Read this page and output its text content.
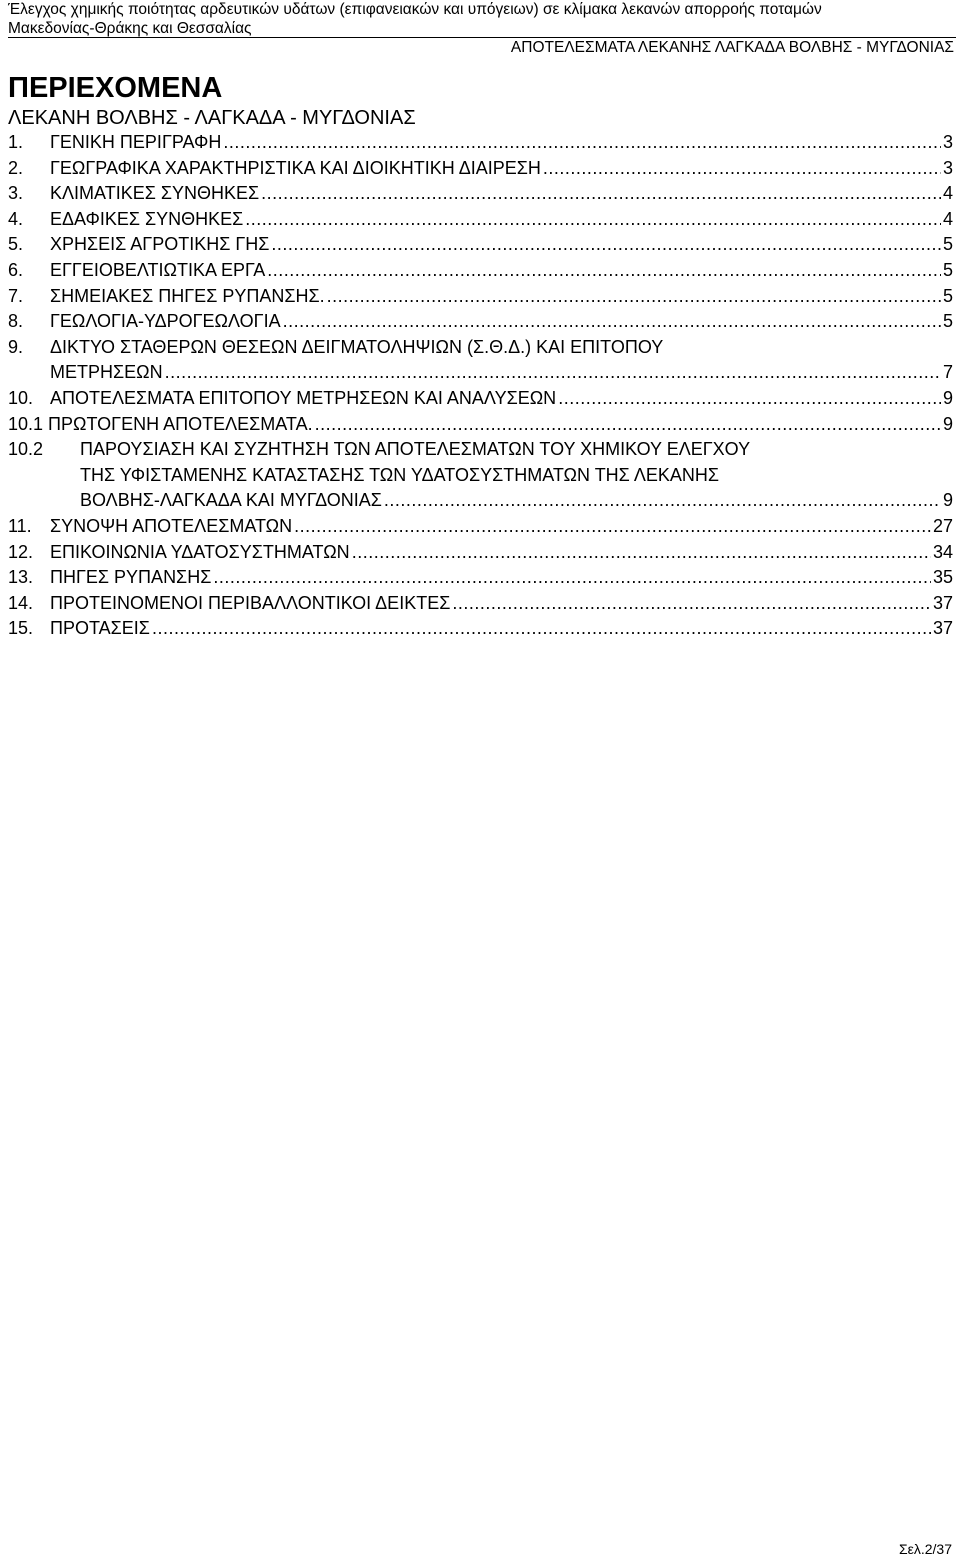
Έλεγχος χημικής ποιότητας αρδευτικών υδάτων (επιφανειακών και υπόγειων) σε κλίμακα λεκανών απορροής ποταμών
Μακεδονίας-Θράκης και Θεσσαλίας
ΑΠΟΤΕΛΕΣΜΑΤΑ ΛΕΚΑΝΗΣ ΛΑΓΚΑΔΑ ΒΟΛΒΗΣ - ΜΥΓΔΟΝΙΑΣ
ΠΕΡΙΕΧΟΜΕΝΑ
ΛΕΚΑΝΗ ΒΟΛΒΗΣ - ΛΑΓΚΑΔΑ - ΜΥΓΔΟΝΙΑΣ
1.	ΓΕΝΙΚΗ ΠΕΡΙΓΡΑΦΗ .....	3
2.	ΓΕΩΓΡΑΦΙΚΑ ΧΑΡΑΚΤΗΡΙΣΤΙΚΑ ΚΑΙ ΔΙΟΙΚΗΤΙΚΗ ΔΙΑΙΡΕΣΗ .....	3
3.	ΚΛΙΜΑΤΙΚΕΣ ΣΥΝΘΗΚΕΣ .....	4
4.	ΕΔΑΦΙΚΕΣ ΣΥΝΘΗΚΕΣ .....	4
5.	ΧΡΗΣΕΙΣ ΑΓΡΟΤΙΚΗΣ ΓΗΣ .....	5
6.	ΕΓΓΕΙΟΒΕΛΤΙΩΤΙΚΑ ΕΡΓΑ .....	5
7.	ΣΗΜΕΙΑΚΕΣ ΠΗΓΕΣ ΡΥΠΑΝΣΗΣ. .....	5
8.	ΓΕΩΛΟΓΙΑ-ΥΔΡΟΓΕΩΛΟΓΙΑ .....	5
9.	ΔΙΚΤΥΟ ΣΤΑΘΕΡΩΝ ΘΕΣΕΩΝ ΔΕΙΓΜΑΤΟΛΗΨΙΩΝ (Σ.Θ.Δ.) ΚΑΙ ΕΠΙΤΟΠΟΥ
ΜΕΤΡΗΣΕΩΝ .....	7
10. ΑΠΟΤΕΛΕΣΜΑΤΑ ΕΠΙΤΟΠΟΥ ΜΕΤΡΗΣΕΩΝ ΚΑΙ ΑΝΑΛΥΣΕΩΝ .....	9
10.1 ΠΡΩΤΟΓΕΝΗ ΑΠΟΤΕΛΕΣΜΑΤΑ. .....	9
10.2	ΠΑΡΟΥΣΙΑΣΗ ΚΑΙ ΣΥΖΗΤΗΣΗ ΤΩΝ ΑΠΟΤΕΛΕΣΜΑΤΩΝ ΤΟΥ ΧΗΜΙΚΟΥ ΕΛΕΓΧΟΥ
ΤΗΣ ΥΦΙΣΤΑΜΕΝΗΣ ΚΑΤΑΣΤΑΣΗΣ ΤΩΝ ΥΔΑΤΟΣΥΣΤΗΜΑΤΩΝ ΤΗΣ ΛΕΚΑΝΗΣ
ΒΟΛΒΗΣ-ΛΑΓΚΑΔΑ ΚΑΙ ΜΥΓΔΟΝΙΑΣ .....	9
11.	ΣΥΝΟΨΗ ΑΠΟΤΕΛΕΣΜΑΤΩΝ .....	27
12. ΕΠΙΚΟΙΝΩΝΙΑ ΥΔΑΤΟΣΥΣΤΗΜΑΤΩΝ .....	34
13. ΠΗΓΕΣ ΡΥΠΑΝΣΗΣ .....	35
14. ΠΡΟΤΕΙΝΟΜΕΝΟΙ ΠΕΡΙΒΑΛΛΟΝΤΙΚΟΙ ΔΕΙΚΤΕΣ .....	37
15. ΠΡΟΤΑΣΕΙΣ .....	37
Σελ.2/37
